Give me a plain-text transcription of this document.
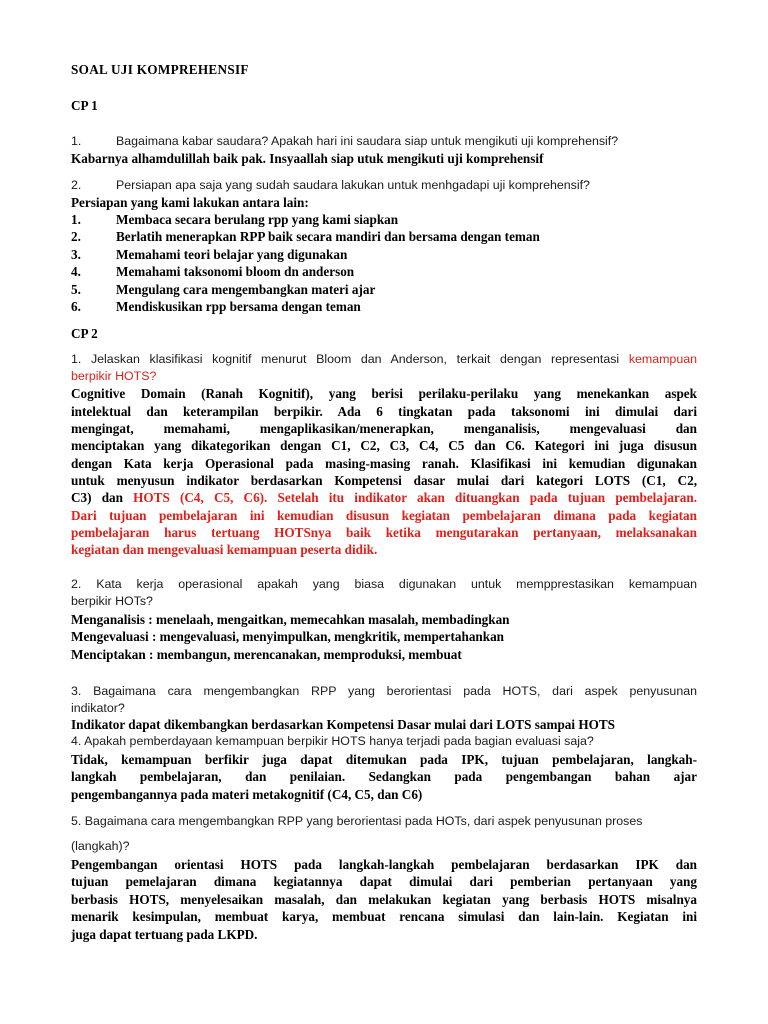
SOAL UJI KOMPREHENSIF
CP 1
1.	Bagaimana kabar saudara? Apakah hari ini saudara siap untuk mengikuti uji komprehensif?
Kabarnya alhamdulillah baik pak. Insyaallah siap utuk mengikuti uji komprehensif
2.	Persiapan apa saja yang sudah saudara lakukan untuk menhgadapi uji komprehensif?
Persiapan yang kami lakukan antara lain:
1.	Membaca secara berulang rpp yang kami siapkan
2.	Berlatih menerapkan RPP baik secara mandiri dan bersama dengan teman
3.	Memahami teori belajar yang digunakan
4.	Memahami taksonomi bloom dn anderson
5.	Mengulang cara mengembangkan materi ajar
6.	Mendiskusikan rpp bersama dengan teman
CP 2
1. Jelaskan klasifikasi kognitif menurut Bloom dan Anderson, terkait dengan representasi kemampuan
berpikir HOTS?
Cognitive Domain (Ranah Kognitif), yang berisi perilaku-perilaku yang menekankan aspek
intelektual dan keterampilan berpikir. Ada 6 tingkatan pada taksonomi ini dimulai dari
mengingat, memahami, mengaplikasikan/menerapkan, menganalisis, mengevaluasi dan
menciptakan yang dikategorikan dengan C1, C2, C3, C4, C5 dan C6. Kategori ini juga disusun
dengan Kata kerja Operasional pada masing-masing ranah. Klasifikasi ini kemudian digunakan
untuk menyusun indikator berdasarkan Kompetensi dasar mulai dari kategori LOTS (C1, C2,
C3) dan HOTS (C4, C5, C6). Setelah itu indikator akan dituangkan pada tujuan pembelajaran.
Dari tujuan pembelajaran ini kemudian disusun kegiatan pembelajaran dimana pada kegiatan
pembelajaran harus tertuang HOTSnya baik ketika mengutarakan pertanyaan, melaksanakan
kegiatan dan mengevaluasi kemampuan peserta didik.
2. Kata kerja operasional apakah yang biasa digunakan untuk mempprestasikan kemampuan
berpikir HOTs?
Menganalisis : menelaah, mengaitkan, memecahkan masalah, membadingkan
Mengevaluasi : mengevaluasi, menyimpulkan, mengkritik, mempertahankan
Menciptakan : membangun, merencanakan, memproduksi, membuat
3. Bagaimana cara mengembangkan RPP yang berorientasi pada HOTS, dari aspek penyusunan
indikator?
Indikator dapat dikembangkan berdasarkan Kompetensi Dasar mulai dari LOTS sampai HOTS
4. Apakah pemberdayaan kemampuan berpikir HOTS hanya terjadi pada bagian evaluasi saja?
Tidak, kemampuan berfikir juga dapat ditemukan pada IPK, tujuan pembelajaran, langkah-
langkah pembelajaran, dan penilaian. Sedangkan pada pengembangan bahan ajar
pengembangannya pada materi metakognitif (C4, C5, dan C6)
5. Bagaimana cara mengembangkan RPP yang berorientasi pada HOTs, dari aspek penyusunan proses
(langkah)?
Pengembangan orientasi HOTS pada langkah-langkah pembelajaran berdasarkan IPK dan
tujuan pemelajaran dimana kegiatannya dapat dimulai dari pemberian pertanyaan yang
berbasis HOTS, menyelesaikan masalah, dan melakukan kegiatan yang berbasis HOTS misalnya
menarik kesimpulan, membuat karya, membuat rencana simulasi dan lain-lain. Kegiatan ini
juga dapat tertuang pada LKPD.
